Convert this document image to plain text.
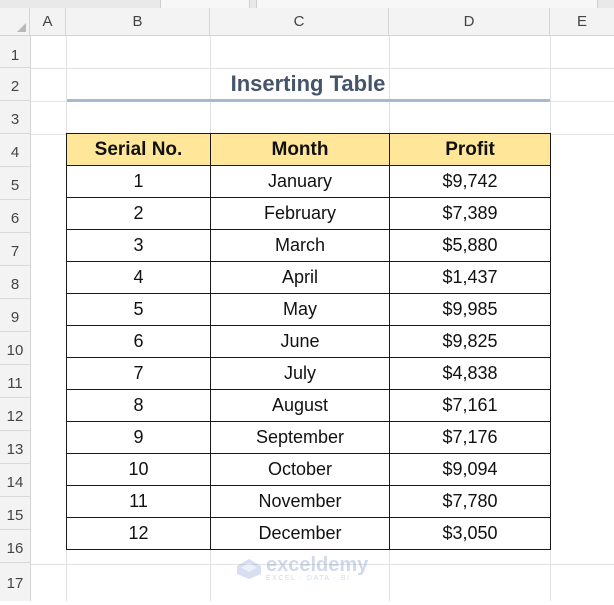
A	B	C	D	E
1
2
3
4
5
6
7
8
9
10
11
12
13
14
15
16
17
Inserting Table
Serial No.	Month	Profit
1	January	$9,742
2	February	$7,389
3	March	$5,880
4	April	$1,437
5	May	$9,985
6	June	$9,825
7	July	$4,838
8	August	$7,161
9	September	$7,176
10	October	$9,094
11	November	$7,780
12	December	$3,050
exceldemy
EXCEL · DATA · BI
